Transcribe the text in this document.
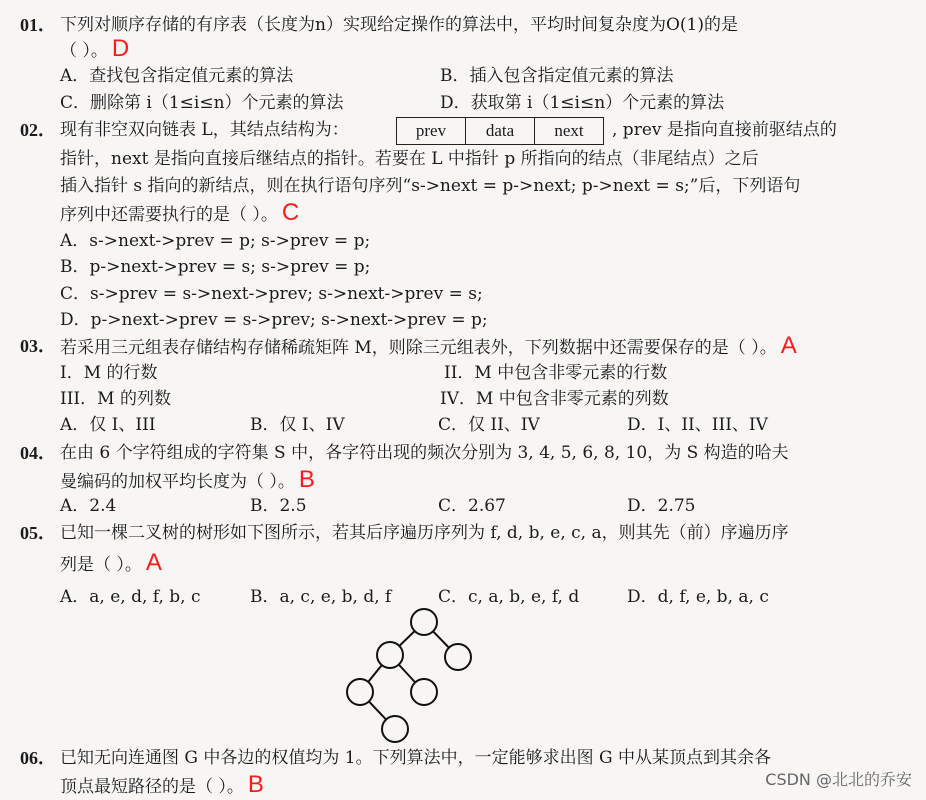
01． 下列对顺序存储的有序表（长度为n）实现给定操作的算法中，平均时间复杂度为O(1)的是
（ ）。 D
A．查找包含指定值元素的算法	B．插入包含指定值元素的算法
C．删除第 i（1≤i≤n）个元素的算法	D．获取第 i（1≤i≤n）个元素的算法
02． 现有非空双向链表 L，其结点结构为：	prev	data	next	, prev 是指向直接前驱结点的
指针，next 是指向直接后继结点的指针。若要在 L 中指针 p 所指向的结点（非尾结点）之后
插入指针 s 指向的新结点，则在执行语句序列“s->next = p->next; p->next = s;”后，下列语句
序列中还需要执行的是（ ）。 C
A．s->next->prev = p; s->prev = p;
B．p->next->prev = s; s->prev = p;
C．s->prev = s->next->prev; s->next->prev = s;
D．p->next->prev = s->prev; s->next->prev = p;
03． 若采用三元组表存储结构存储稀疏矩阵 M，则除三元组表外，下列数据中还需要保存的是（ ）。 A
I．M 的行数	II．M 中包含非零元素的行数
III．M 的列数	IV．M 中包含非零元素的列数
A．仅 I、III	B．仅 I、IV	C．仅 II、IV	D．I、II、III、IV
04． 在由 6 个字符组成的字符集 S 中，各字符出现的频次分别为 3, 4, 5, 6, 8, 10，为 S 构造的哈夫
曼编码的加权平均长度为（ ）。 B
A．2.4	B．2.5	C．2.67	D．2.75
05． 已知一棵二叉树的树形如下图所示，若其后序遍历序列为 f, d, b, e, c, a，则其先（前）序遍历序
列是（ ）。 A
A．a, e, d, f, b, c	B．a, c, e, b, d, f	C．c, a, b, e, f, d	D．d, f, e, b, a, c
06． 已知无向连通图 G 中各边的权值均为 1。下列算法中，一定能够求出图 G 中从某顶点到其余各
顶点最短路径的是（ ）。 B	CSDN @北北的乔安
